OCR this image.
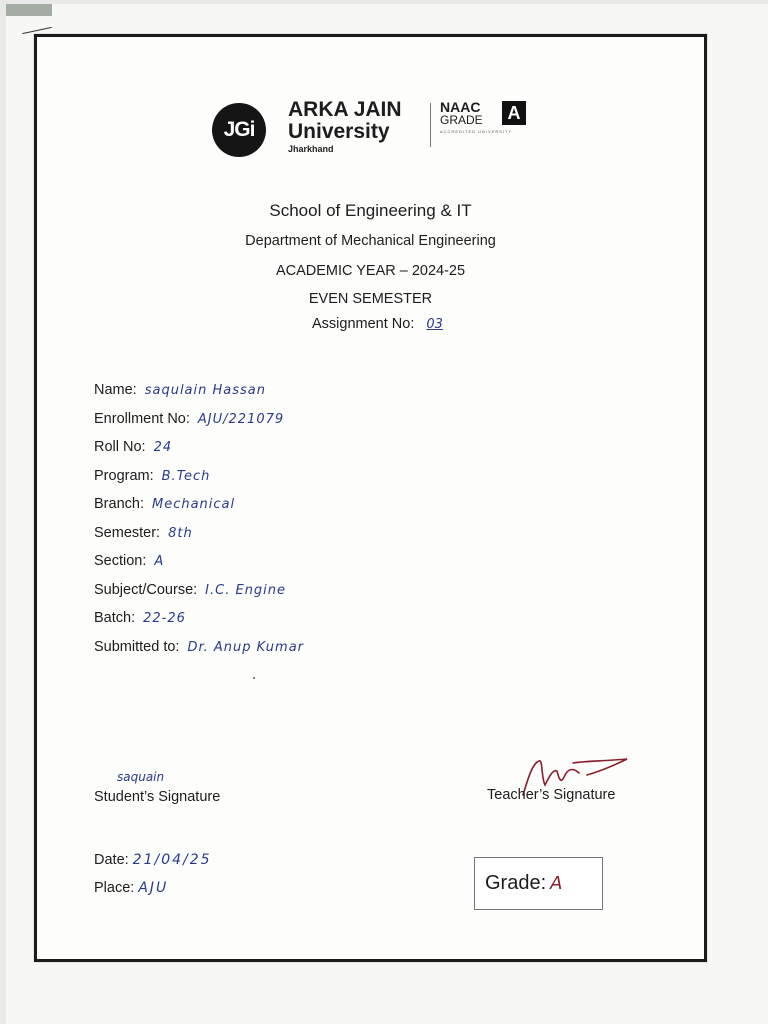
JGi
ARKA JAIN
University
Jharkhand
NAAC
GRADE	A
ACCREDITED UNIVERSITY
School of Engineering & IT
Department of Mechanical Engineering
ACADEMIC YEAR – 2024-25
EVEN SEMESTER
Assignment No: 03
Name: saqulain Hassan
Enrollment No: AJU/221079
Roll No: 24
Program: B.Tech
Branch: Mechanical
Semester: 8th
Section: A
Subject/Course: I.C. Engine
Batch: 22-26
Submitted to: Dr. Anup Kumar
saquain
Student’s Signature	Teacher’s Signature
Date: 21/04/25
Place: AJU	Grade: A
